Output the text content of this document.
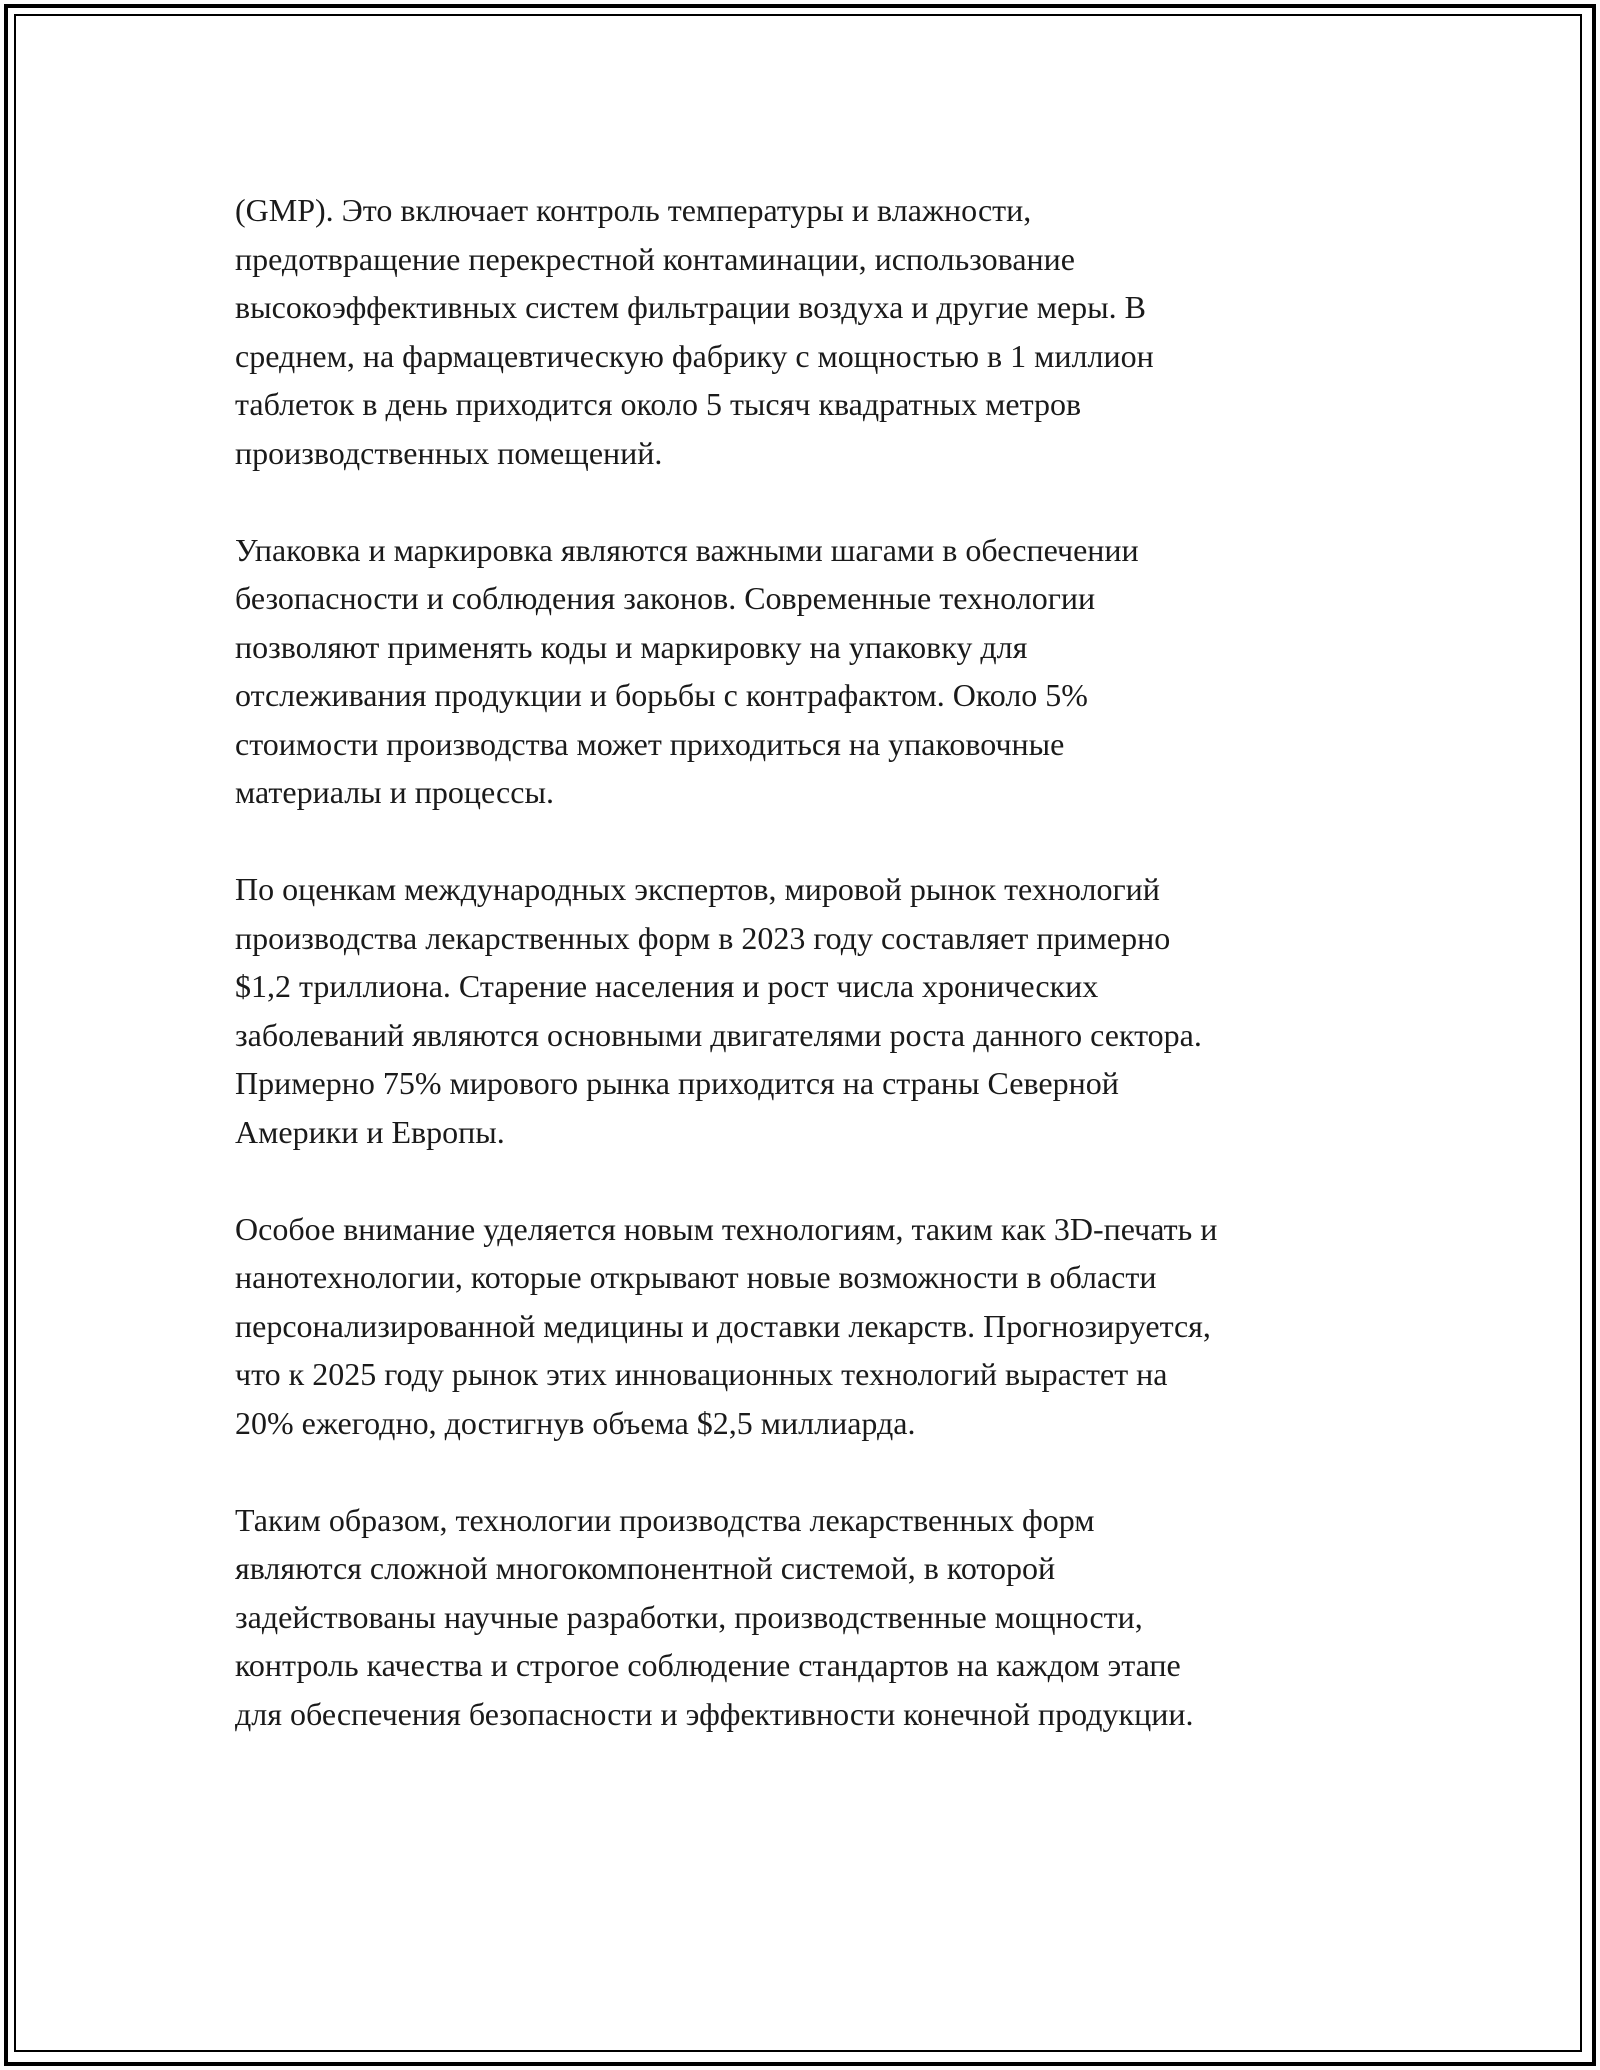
(GMP). Это включает контроль температуры и влажности,
предотвращение перекрестной контаминации, использование
высокоэффективных систем фильтрации воздуха и другие меры. В
среднем, на фармацевтическую фабрику с мощностью в 1 миллион
таблеток в день приходится около 5 тысяч квадратных метров
производственных помещений.

Упаковка и маркировка являются важными шагами в обеспечении
безопасности и соблюдения законов. Современные технологии
позволяют применять коды и маркировку на упаковку для
отслеживания продукции и борьбы с контрафактом. Около 5%
стоимости производства может приходиться на упаковочные
материалы и процессы.

По оценкам международных экспертов, мировой рынок технологий
производства лекарственных форм в 2023 году составляет примерно
$1,2 триллиона. Старение населения и рост числа хронических
заболеваний являются основными двигателями роста данного сектора.
Примерно 75% мирового рынка приходится на страны Северной
Америки и Европы.

Особое внимание уделяется новым технологиям, таким как 3D-печать и
нанотехнологии, которые открывают новые возможности в области
персонализированной медицины и доставки лекарств. Прогнозируется,
что к 2025 году рынок этих инновационных технологий вырастет на
20% ежегодно, достигнув объема $2,5 миллиарда.

Таким образом, технологии производства лекарственных форм
являются сложной многокомпонентной системой, в которой
задействованы научные разработки, производственные мощности,
контроль качества и строгое соблюдение стандартов на каждом этапе
для обеспечения безопасности и эффективности конечной продукции.
